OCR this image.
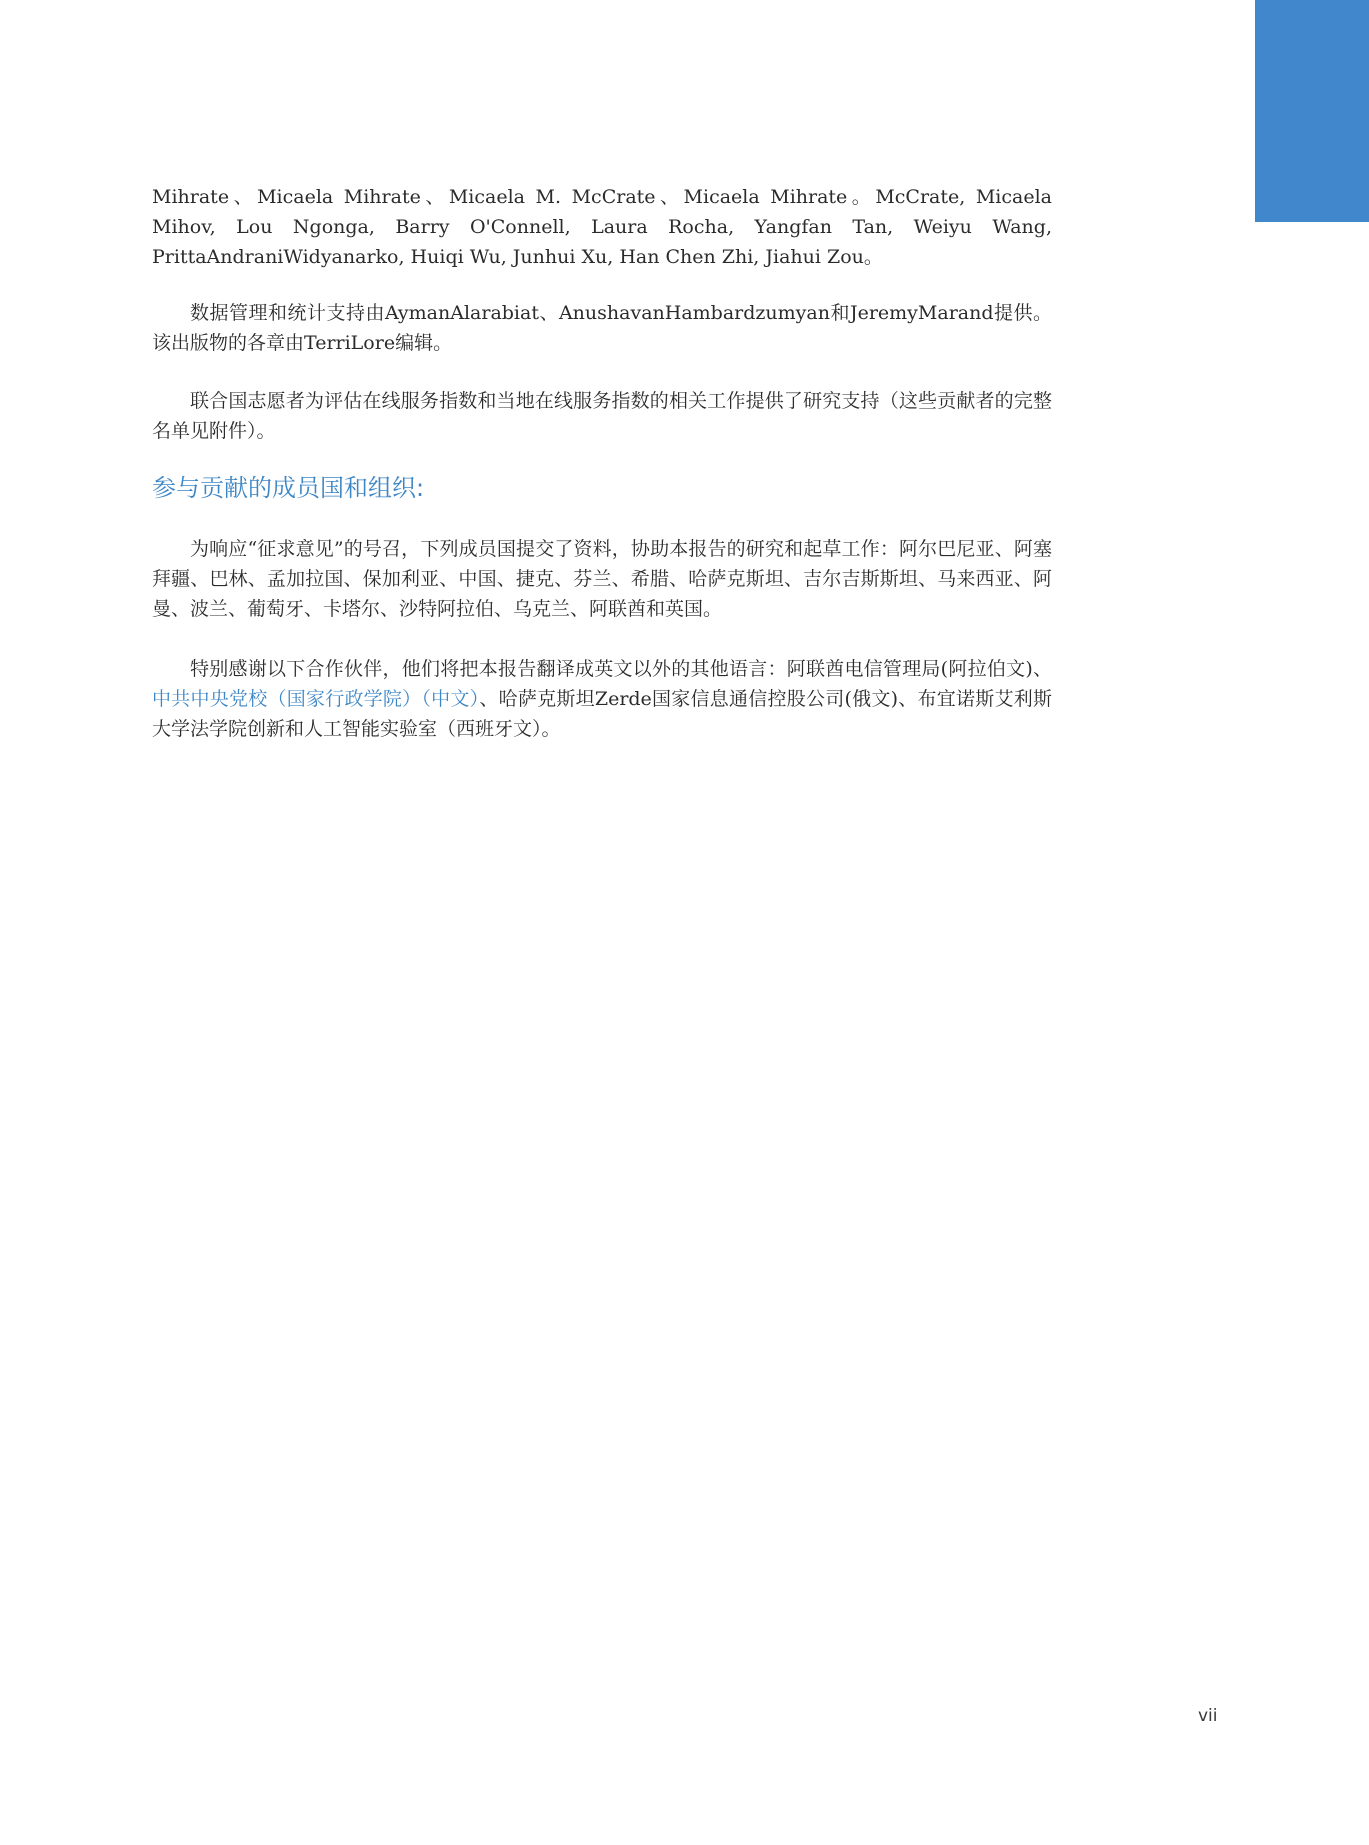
Mihrate、Micaela Mihrate、Micaela M. McCrate、Micaela Mihrate。McCrate, Micaela Mihov, Lou Ngonga, Barry O'Connell, Laura Rocha, Yangfan Tan, Weiyu Wang, PrittaAndraniWidyanarko, Huiqi Wu, Junhui Xu, Han Chen Zhi, Jiahui Zou。

数据管理和统计支持由AymanAlarabiat、AnushavanHambardzumyan和JeremyMarand提供。该出版物的各章由TerriLore编辑。

联合国志愿者为评估在线服务指数和当地在线服务指数的相关工作提供了研究支持（这些贡献者的完整名单见附件）。

参与贡献的成员国和组织:

为响应“征求意见”的号召，下列成员国提交了资料，协助本报告的研究和起草工作：阿尔巴尼亚、阿塞拜疆、巴林、孟加拉国、保加利亚、中国、捷克、芬兰、希腊、哈萨克斯坦、吉尔吉斯斯坦、马来西亚、阿曼、波兰、葡萄牙、卡塔尔、沙特阿拉伯、乌克兰、阿联酋和英国。

特别感谢以下合作伙伴，他们将把本报告翻译成英文以外的其他语言：阿联酋电信管理局(阿拉伯文)、中共中央党校（国家行政学院）（中文）、哈萨克斯坦Zerde国家信息通信控股公司(俄文)、布宜诺斯艾利斯大学法学院创新和人工智能实验室（西班牙文）。

vii
